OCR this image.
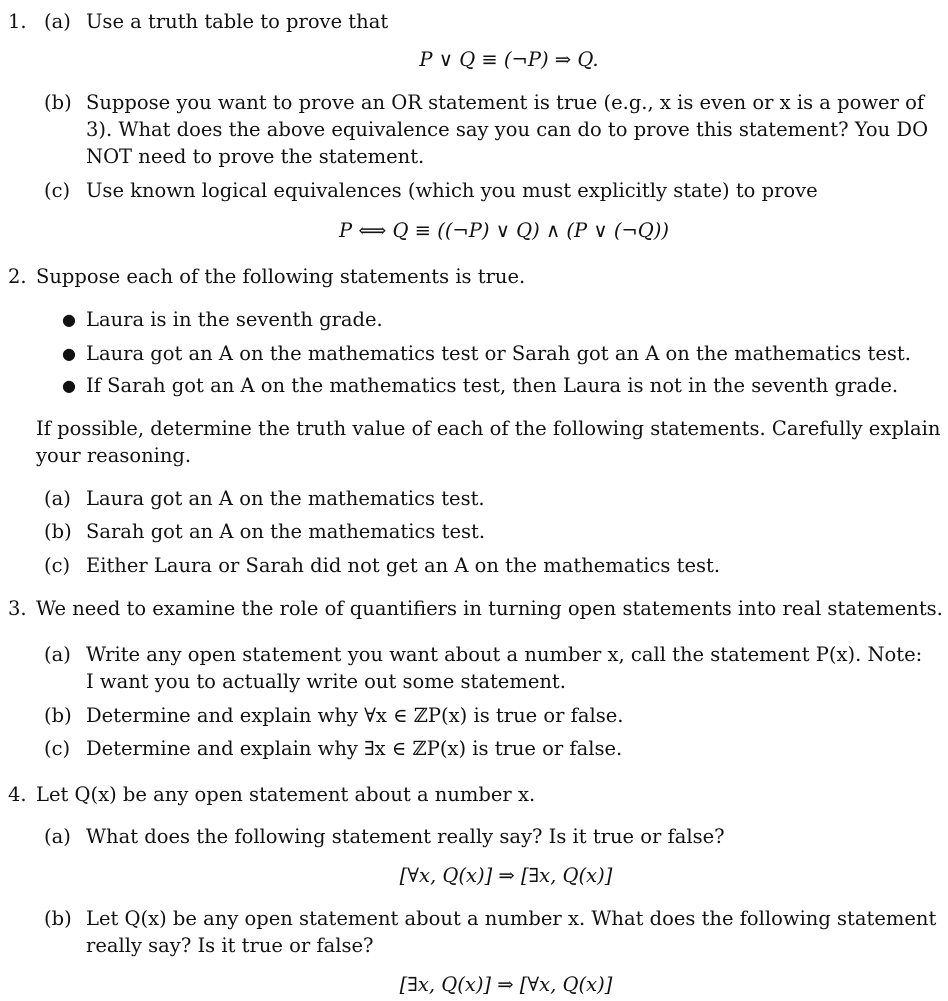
1. (a) Use a truth table to prove that
P ∨ Q ≡ (¬P) ⇒ Q.
(b) Suppose you want to prove an OR statement is true (e.g., x is even or x is a power of
3). What does the above equivalence say you can do to prove this statement? You DO
NOT need to prove the statement.
(c) Use known logical equivalences (which you must explicitly state) to prove
P ⟺ Q ≡ ((¬P) ∨ Q) ∧ (P ∨ (¬Q))
2. Suppose each of the following statements is true.
● Laura is in the seventh grade.
● Laura got an A on the mathematics test or Sarah got an A on the mathematics test.
● If Sarah got an A on the mathematics test, then Laura is not in the seventh grade.
If possible, determine the truth value of each of the following statements. Carefully explain
your reasoning.
(a) Laura got an A on the mathematics test.
(b) Sarah got an A on the mathematics test.
(c) Either Laura or Sarah did not get an A on the mathematics test.
3. We need to examine the role of quantifiers in turning open statements into real statements.
(a) Write any open statement you want about a number x, call the statement P(x). Note:
I want you to actually write out some statement.
(b) Determine and explain why ∀x ∈ ℤP(x) is true or false.
(c) Determine and explain why ∃x ∈ ℤP(x) is true or false.
4. Let Q(x) be any open statement about a number x.
(a) What does the following statement really say? Is it true or false?
[∀x, Q(x)] ⇒ [∃x, Q(x)]
(b) Let Q(x) be any open statement about a number x. What does the following statement
really say? Is it true or false?
[∃x, Q(x)] ⇒ [∀x, Q(x)]
